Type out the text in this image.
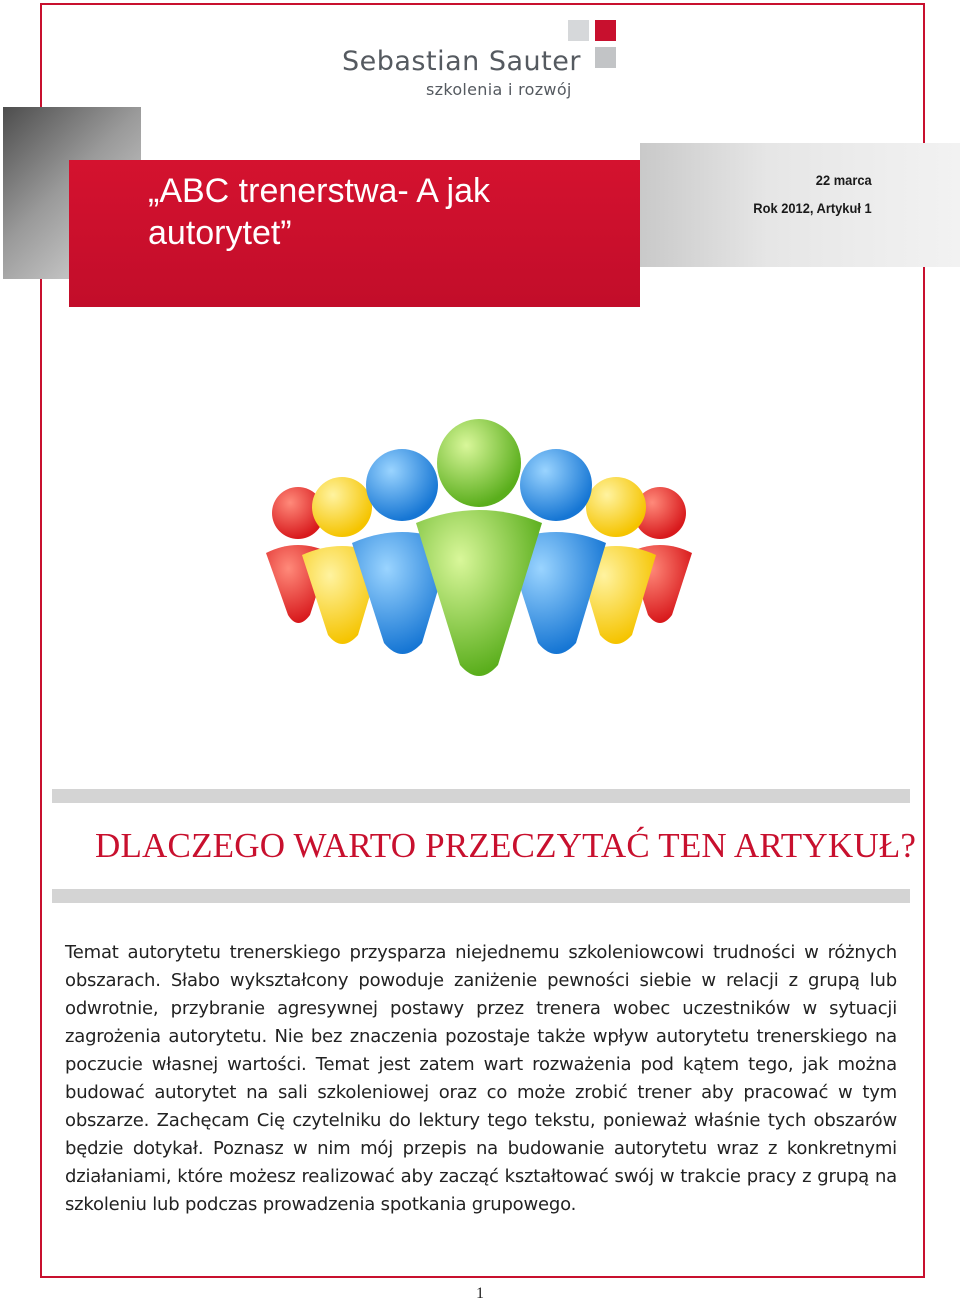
Sebastian Sauter
szkolenia i rozwój
„ABC trenerstwa- A jak autorytet”
22 marca
Rok 2012, Artykuł 1
DLACZEGO WARTO PRZECZYTAĆ TEN ARTYKUŁ?

Temat autorytetu trenerskiego przysparza niejednemu szkoleniowcowi trudności w różnych obszarach. Słabo wykształcony powoduje zaniżenie pewności siebie w relacji z grupą lub odwrotnie, przybranie agresywnej postawy przez trenera wobec uczestników w sytuacji zagrożenia autorytetu. Nie bez znaczenia pozostaje także wpływ autorytetu trenerskiego na poczucie własnej wartości. Temat jest zatem wart rozważenia pod kątem tego, jak można budować autorytet na sali szkoleniowej oraz co może zrobić trener aby pracować w tym obszarze. Zachęcam Cię czytelniku do lektury tego tekstu, ponieważ właśnie tych obszarów będzie dotykał. Poznasz w nim mój przepis na budowanie autorytetu wraz z konkretnymi działaniami, które możesz realizować aby zacząć kształtować swój w trakcie pracy z grupą na szkoleniu lub podczas prowadzenia spotkania grupowego.

1
